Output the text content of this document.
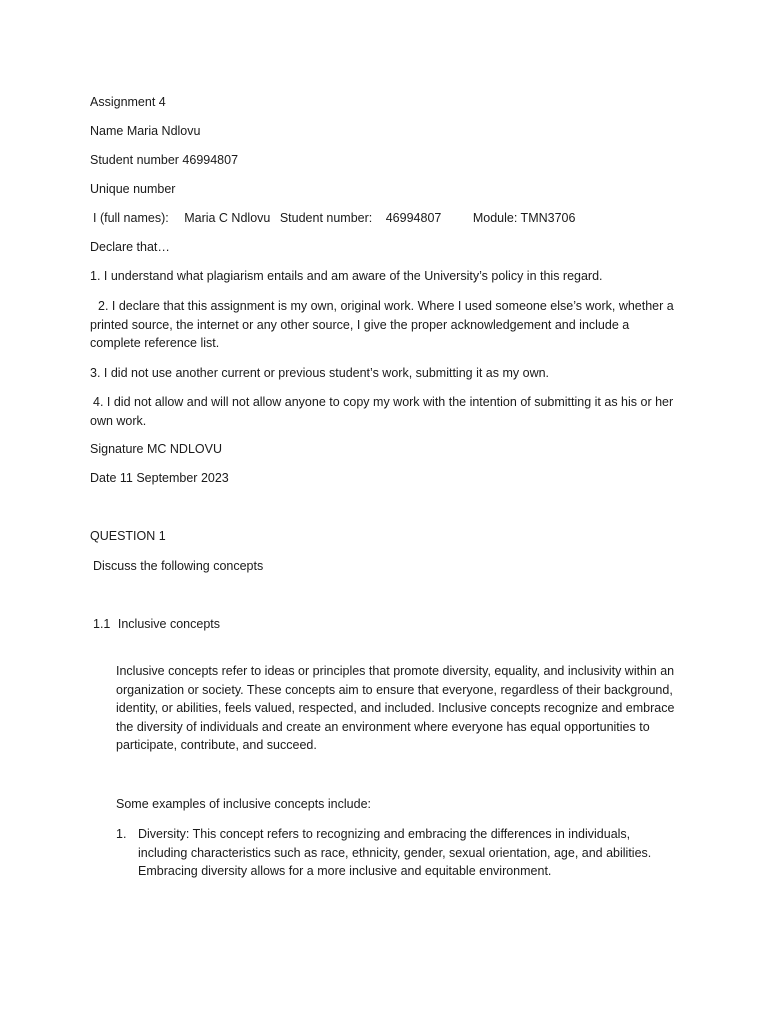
Assignment 4
Name Maria Ndlovu
Student number 46994807
Unique number
I (full names): Maria C Ndlovu Student number: 46994807	Module: TMN3706
Declare that…
1. I understand what plagiarism entails and am aware of the University’s policy in this regard.
2. I declare that this assignment is my own, original work. Where I used someone else’s work, whether a printed source, the internet or any other source, I give the proper acknowledgement and include a complete reference list.
3. I did not use another current or previous student’s work, submitting it as my own.
4. I did not allow and will not allow anyone to copy my work with the intention of submitting it as his or her own work.
Signature MC NDLOVU
Date 11 September 2023
QUESTION 1
Discuss the following concepts
1.1 Inclusive concepts
Inclusive concepts refer to ideas or principles that promote diversity, equality, and inclusivity within an organization or society. These concepts aim to ensure that everyone, regardless of their background, identity, or abilities, feels valued, respected, and included. Inclusive concepts recognize and embrace the diversity of individuals and create an environment where everyone has equal opportunities to participate, contribute, and succeed.
Some examples of inclusive concepts include:
1. Diversity: This concept refers to recognizing and embracing the differences in individuals, including characteristics such as race, ethnicity, gender, sexual orientation, age, and abilities. Embracing diversity allows for a more inclusive and equitable environment.
